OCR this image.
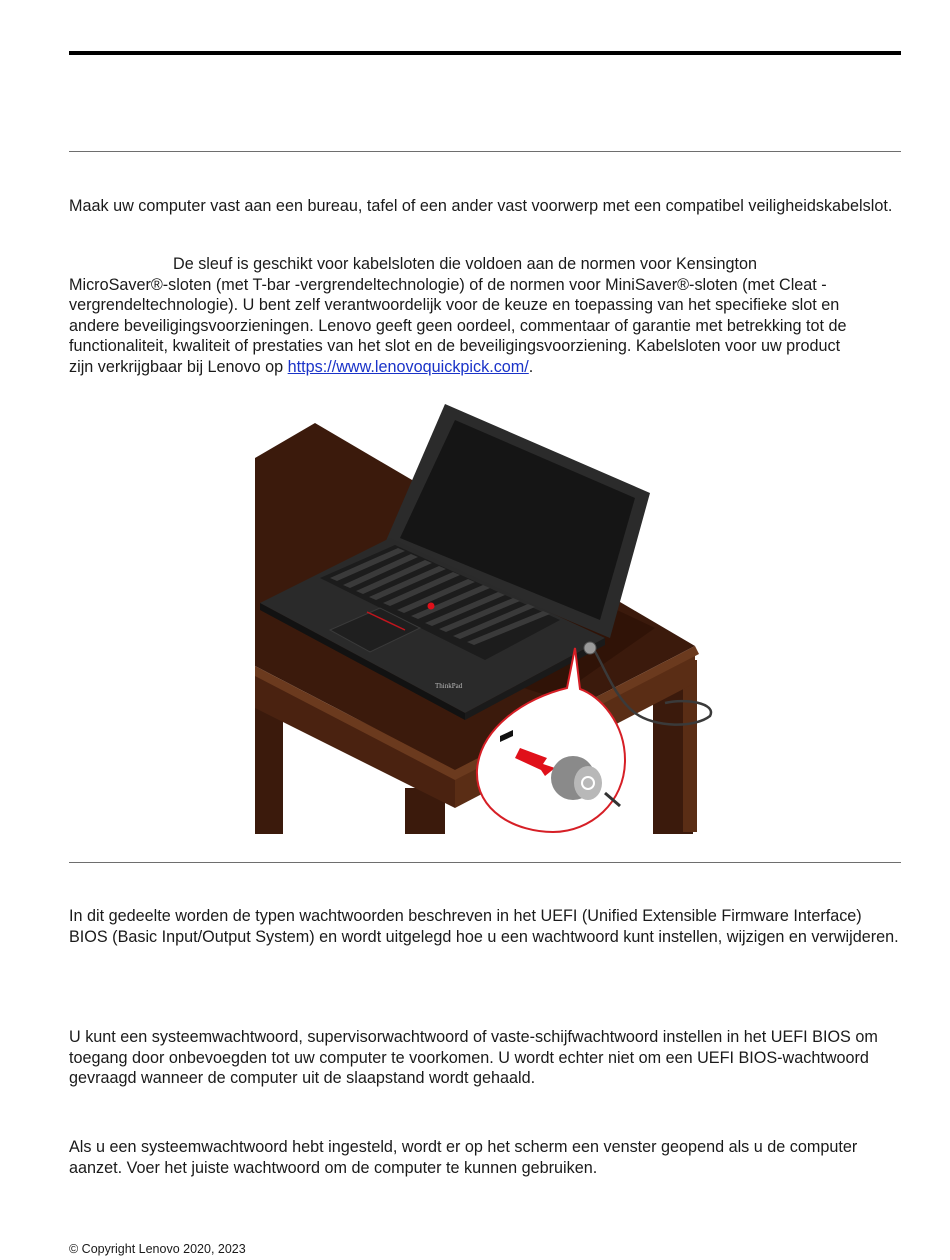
Maak uw computer vast aan een bureau, tafel of een ander vast voorwerp met een compatibel veiligheidskabelslot.

De sleuf is geschikt voor kabelsloten die voldoen aan de normen voor Kensington
MicroSaver®-sloten (met T-bar -vergrendeltechnologie) of de normen voor MiniSaver®-sloten (met Cleat -
vergrendeltechnologie). U bent zelf verantwoordelijk voor de keuze en toepassing van het specifieke slot en
andere beveiligingsvoorzieningen. Lenovo geeft geen oordeel, commentaar of garantie met betrekking tot de
functionaliteit, kwaliteit of prestaties van het slot en de beveiligingsvoorziening. Kabelsloten voor uw product
zijn verkrijgbaar bij Lenovo op https://www.lenovoquickpick.com/.
ThinkPad

In dit gedeelte worden de typen wachtwoorden beschreven in het UEFI (Unified Extensible Firmware Interface) BIOS (Basic Input/Output System) en wordt uitgelegd hoe u een wachtwoord kunt instellen, wijzigen en verwijderen.

U kunt een systeemwachtwoord, supervisorwachtwoord of vaste-schijfwachtwoord instellen in het UEFI BIOS om toegang door onbevoegden tot uw computer te voorkomen. U wordt echter niet om een UEFI BIOS-wachtwoord gevraagd wanneer de computer uit de slaapstand wordt gehaald.

Als u een systeemwachtwoord hebt ingesteld, wordt er op het scherm een venster geopend als u de computer aanzet. Voer het juiste wachtwoord om de computer te kunnen gebruiken.

© Copyright Lenovo 2020, 2023
